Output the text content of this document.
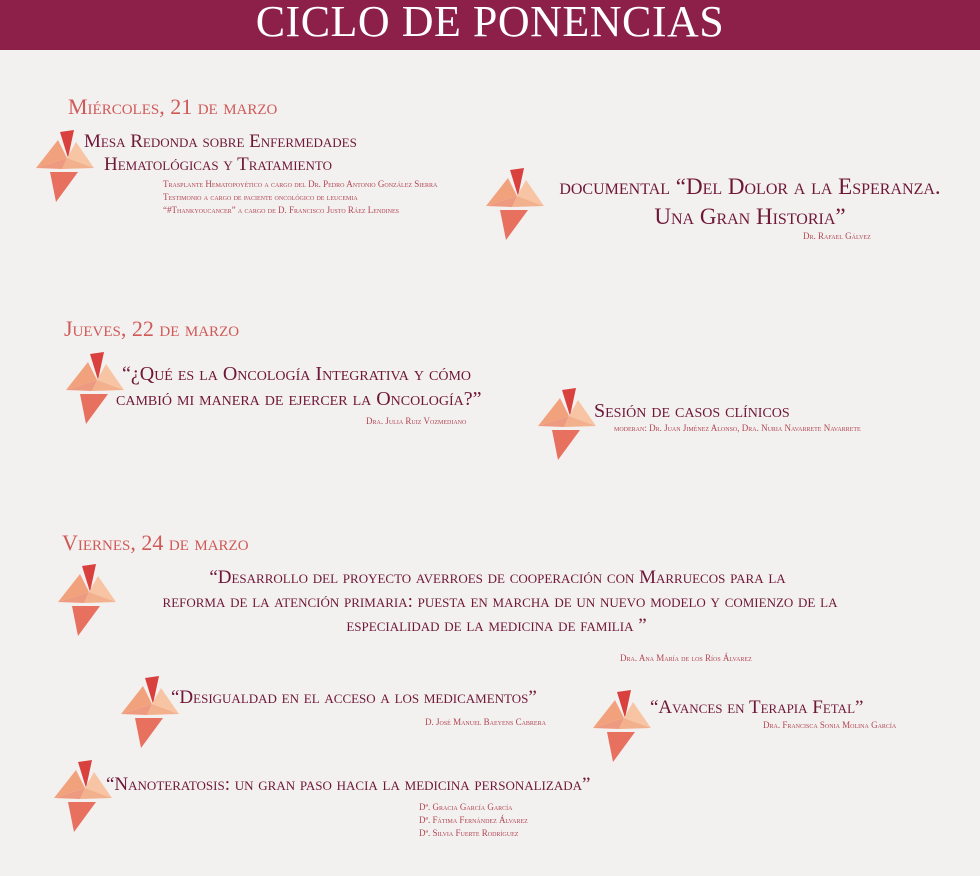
CICLO DE PONENCIAS
Miércoles, 21 de marzo
Mesa Redonda sobre Enfermedades
Hematológicas y Tratamiento
Trasplante Hematopoyético a cargo del Dr. Pedro Antonio González Sierra
Testimonio a cargo de paciente oncológico de leucemia
“#Thankyoucancer” a cargo de D. Francisco Justo Ráez Lendines
documental “Del Dolor a la Esperanza.
Una Gran Historia”
Dr. Rafael Gálvez
Jueves, 22 de marzo
“¿Qué es la Oncología Integrativa y cómo
cambió mi manera de ejercer la Oncología?”
Dra. Julia Ruiz Vozmediano	Sesión de casos clínicos
moderan: Dr. Juan Jiménez Alonso, Dra. Nuria Navarrete Navarrete
Viernes, 24 de marzo
“Desarrollo del proyecto averroes de cooperación con Marruecos para la
reforma de la atención primaria: puesta en marcha de un nuevo modelo y comienzo de la
especialidad de la medicina de familia ”
Dra. Ana María de los Ríos Álvarez
“Desigualdad en el acceso a los medicamentos”
D. José Manuel Baeyens Cabrera
“Avances en Terapia Fetal”
Dra. Francisca Sonia Molina García
“Nanoteratosis: un gran paso hacia la medicina personalizada”
Dª. Gracia García García
Dª. Fátima Fernández Álvarez
Dª. Silvia Fuerte Rodríguez
